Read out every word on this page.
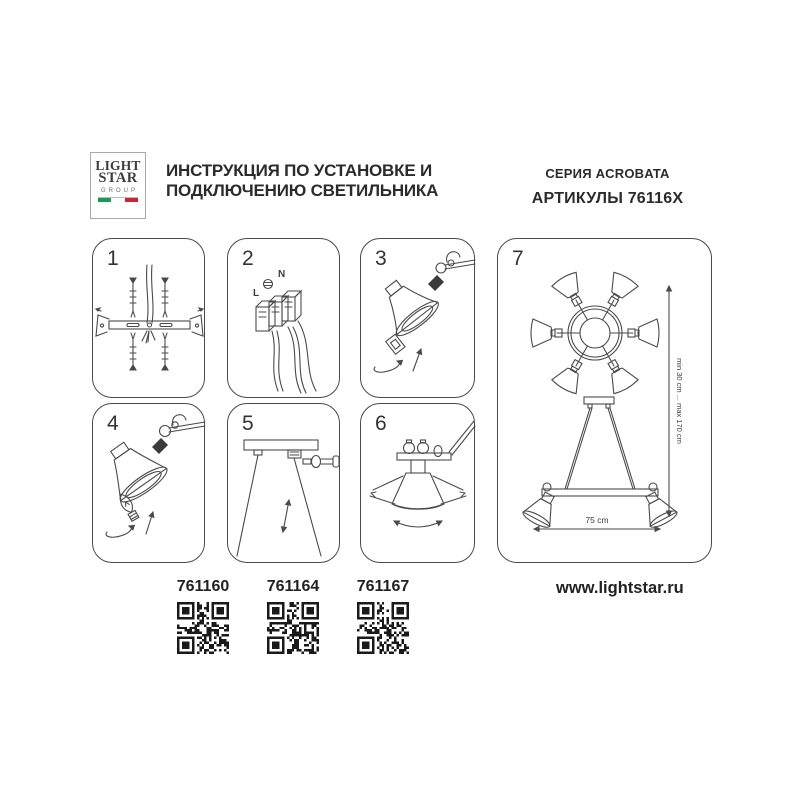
LIGHT
STAR
GROUP
ИНСТРУКЦИЯ ПО УСТАНОВКЕ И
ПОДКЛЮЧЕНИЮ СВЕТИЛЬНИКА
СЕРИЯ ACROBATA
АРТИКУЛЫ 76116X
1	2
L
N
3
4	5	6
7
75 cm
min 30 cm ... max 170 cm
761160 761164 761167	www.lightstar.ru
